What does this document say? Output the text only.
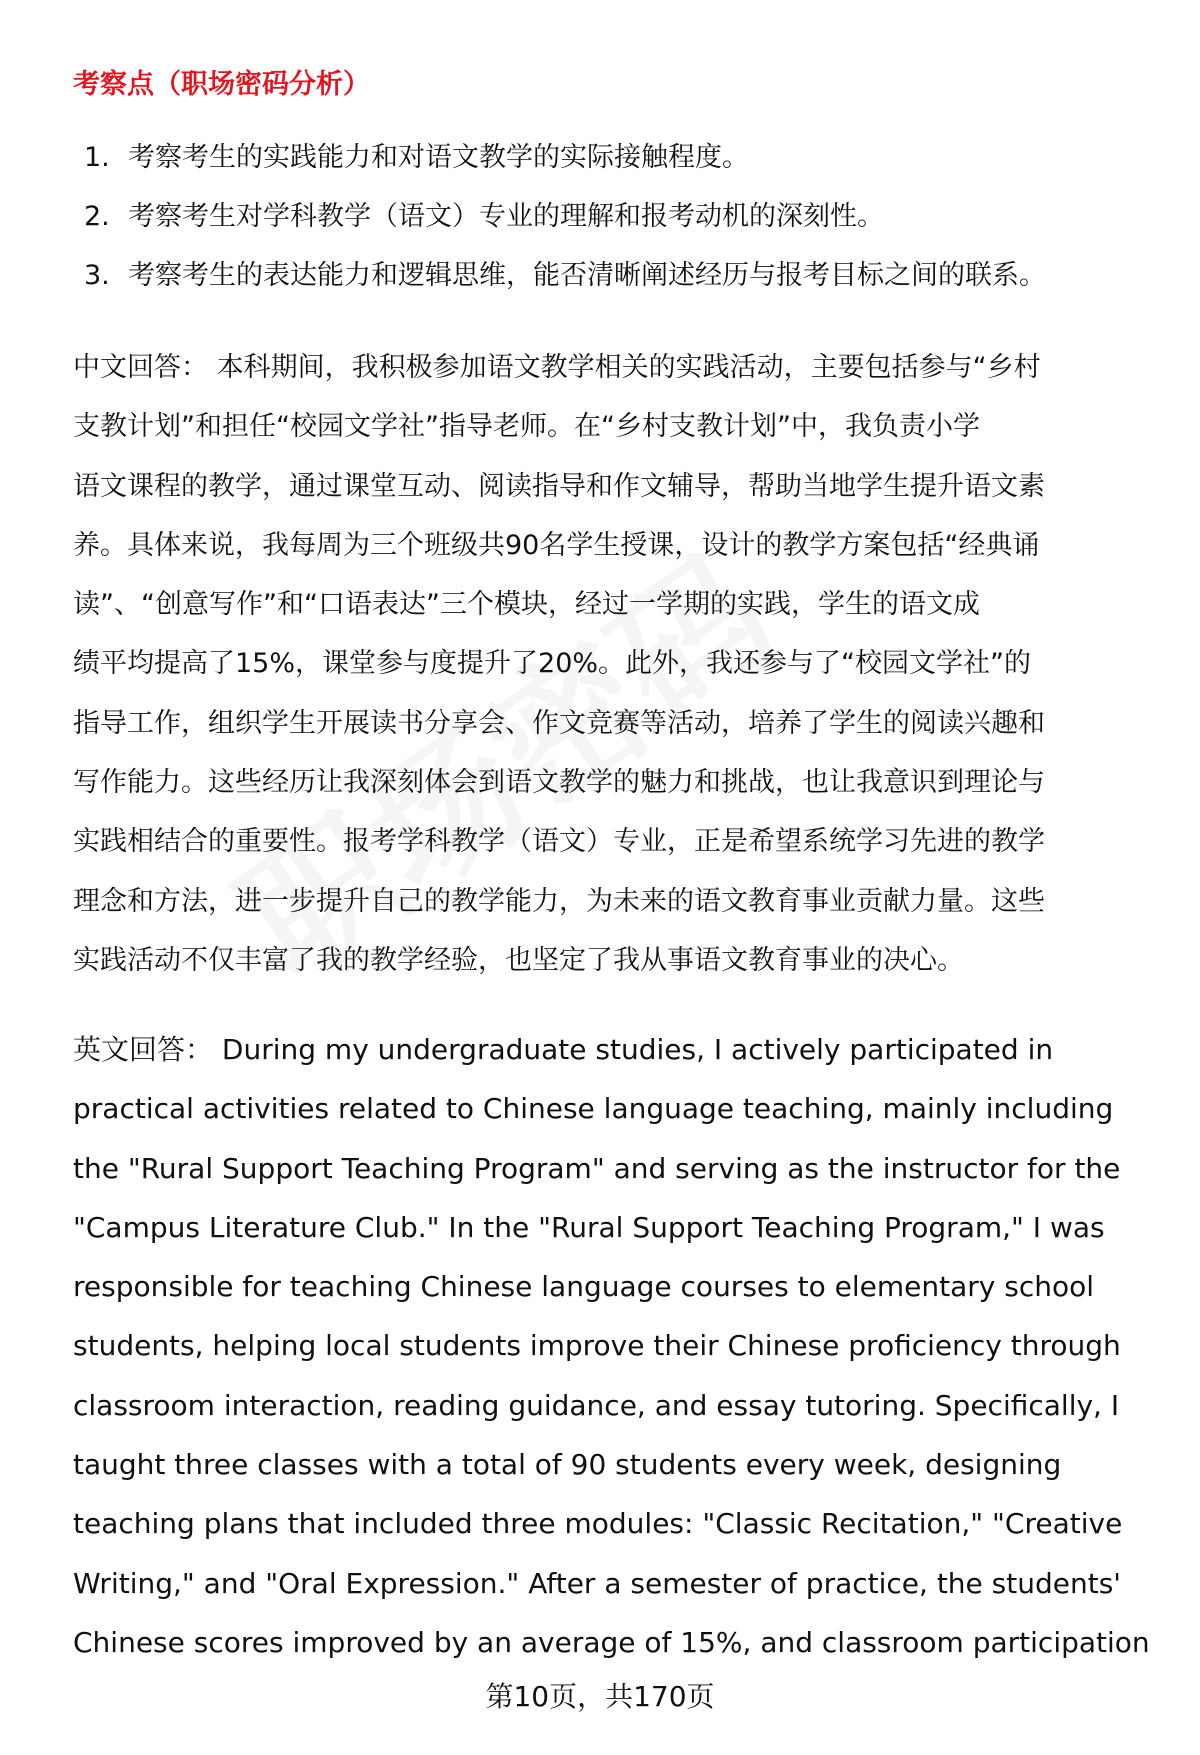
考察点（职场密码分析）
1. 考察考生的实践能力和对语文教学的实际接触程度。
2. 考察考生对学科教学（语文）专业的理解和报考动机的深刻性。
3. 考察考生的表达能力和逻辑思维，能否清晰阐述经历与报考目标之间的联系。
中文回答： 本科期间，我积极参加语文教学相关的实践活动，主要包括参与“乡村
支教计划”和担任“校园文学社”指导老师。在“乡村支教计划”中，我负责小学
语文课程的教学，通过课堂互动、阅读指导和作文辅导，帮助当地学生提升语文素
养。具体来说，我每周为三个班级共90名学生授课，设计的教学方案包括“经典诵
读”、“创意写作”和“口语表达”三个模块，经过一学期的实践，学生的语文成
绩平均提高了15%，课堂参与度提升了20%。此外，我还参与了“校园文学社”的
指导工作，组织学生开展读书分享会、作文竞赛等活动，培养了学生的阅读兴趣和
写作能力。这些经历让我深刻体会到语文教学的魅力和挑战，也让我意识到理论与
实践相结合的重要性。报考学科教学（语文）专业，正是希望系统学习先进的教学
理念和方法，进一步提升自己的教学能力，为未来的语文教育事业贡献力量。这些
实践活动不仅丰富了我的教学经验，也坚定了我从事语文教育事业的决心。
英文回答： During my undergraduate studies, I actively participated in
practical activities related to Chinese language teaching, mainly including
the "Rural Support Teaching Program" and serving as the instructor for the
"Campus Literature Club." In the "Rural Support Teaching Program," I was
responsible for teaching Chinese language courses to elementary school
students, helping local students improve their Chinese proficiency through
classroom interaction, reading guidance, and essay tutoring. Specifically, I
taught three classes with a total of 90 students every week, designing
teaching plans that included three modules: "Classic Recitation," "Creative
Writing," and "Oral Expression." After a semester of practice, the students'
Chinese scores improved by an average of 15%, and classroom participation
第10页，共170页
